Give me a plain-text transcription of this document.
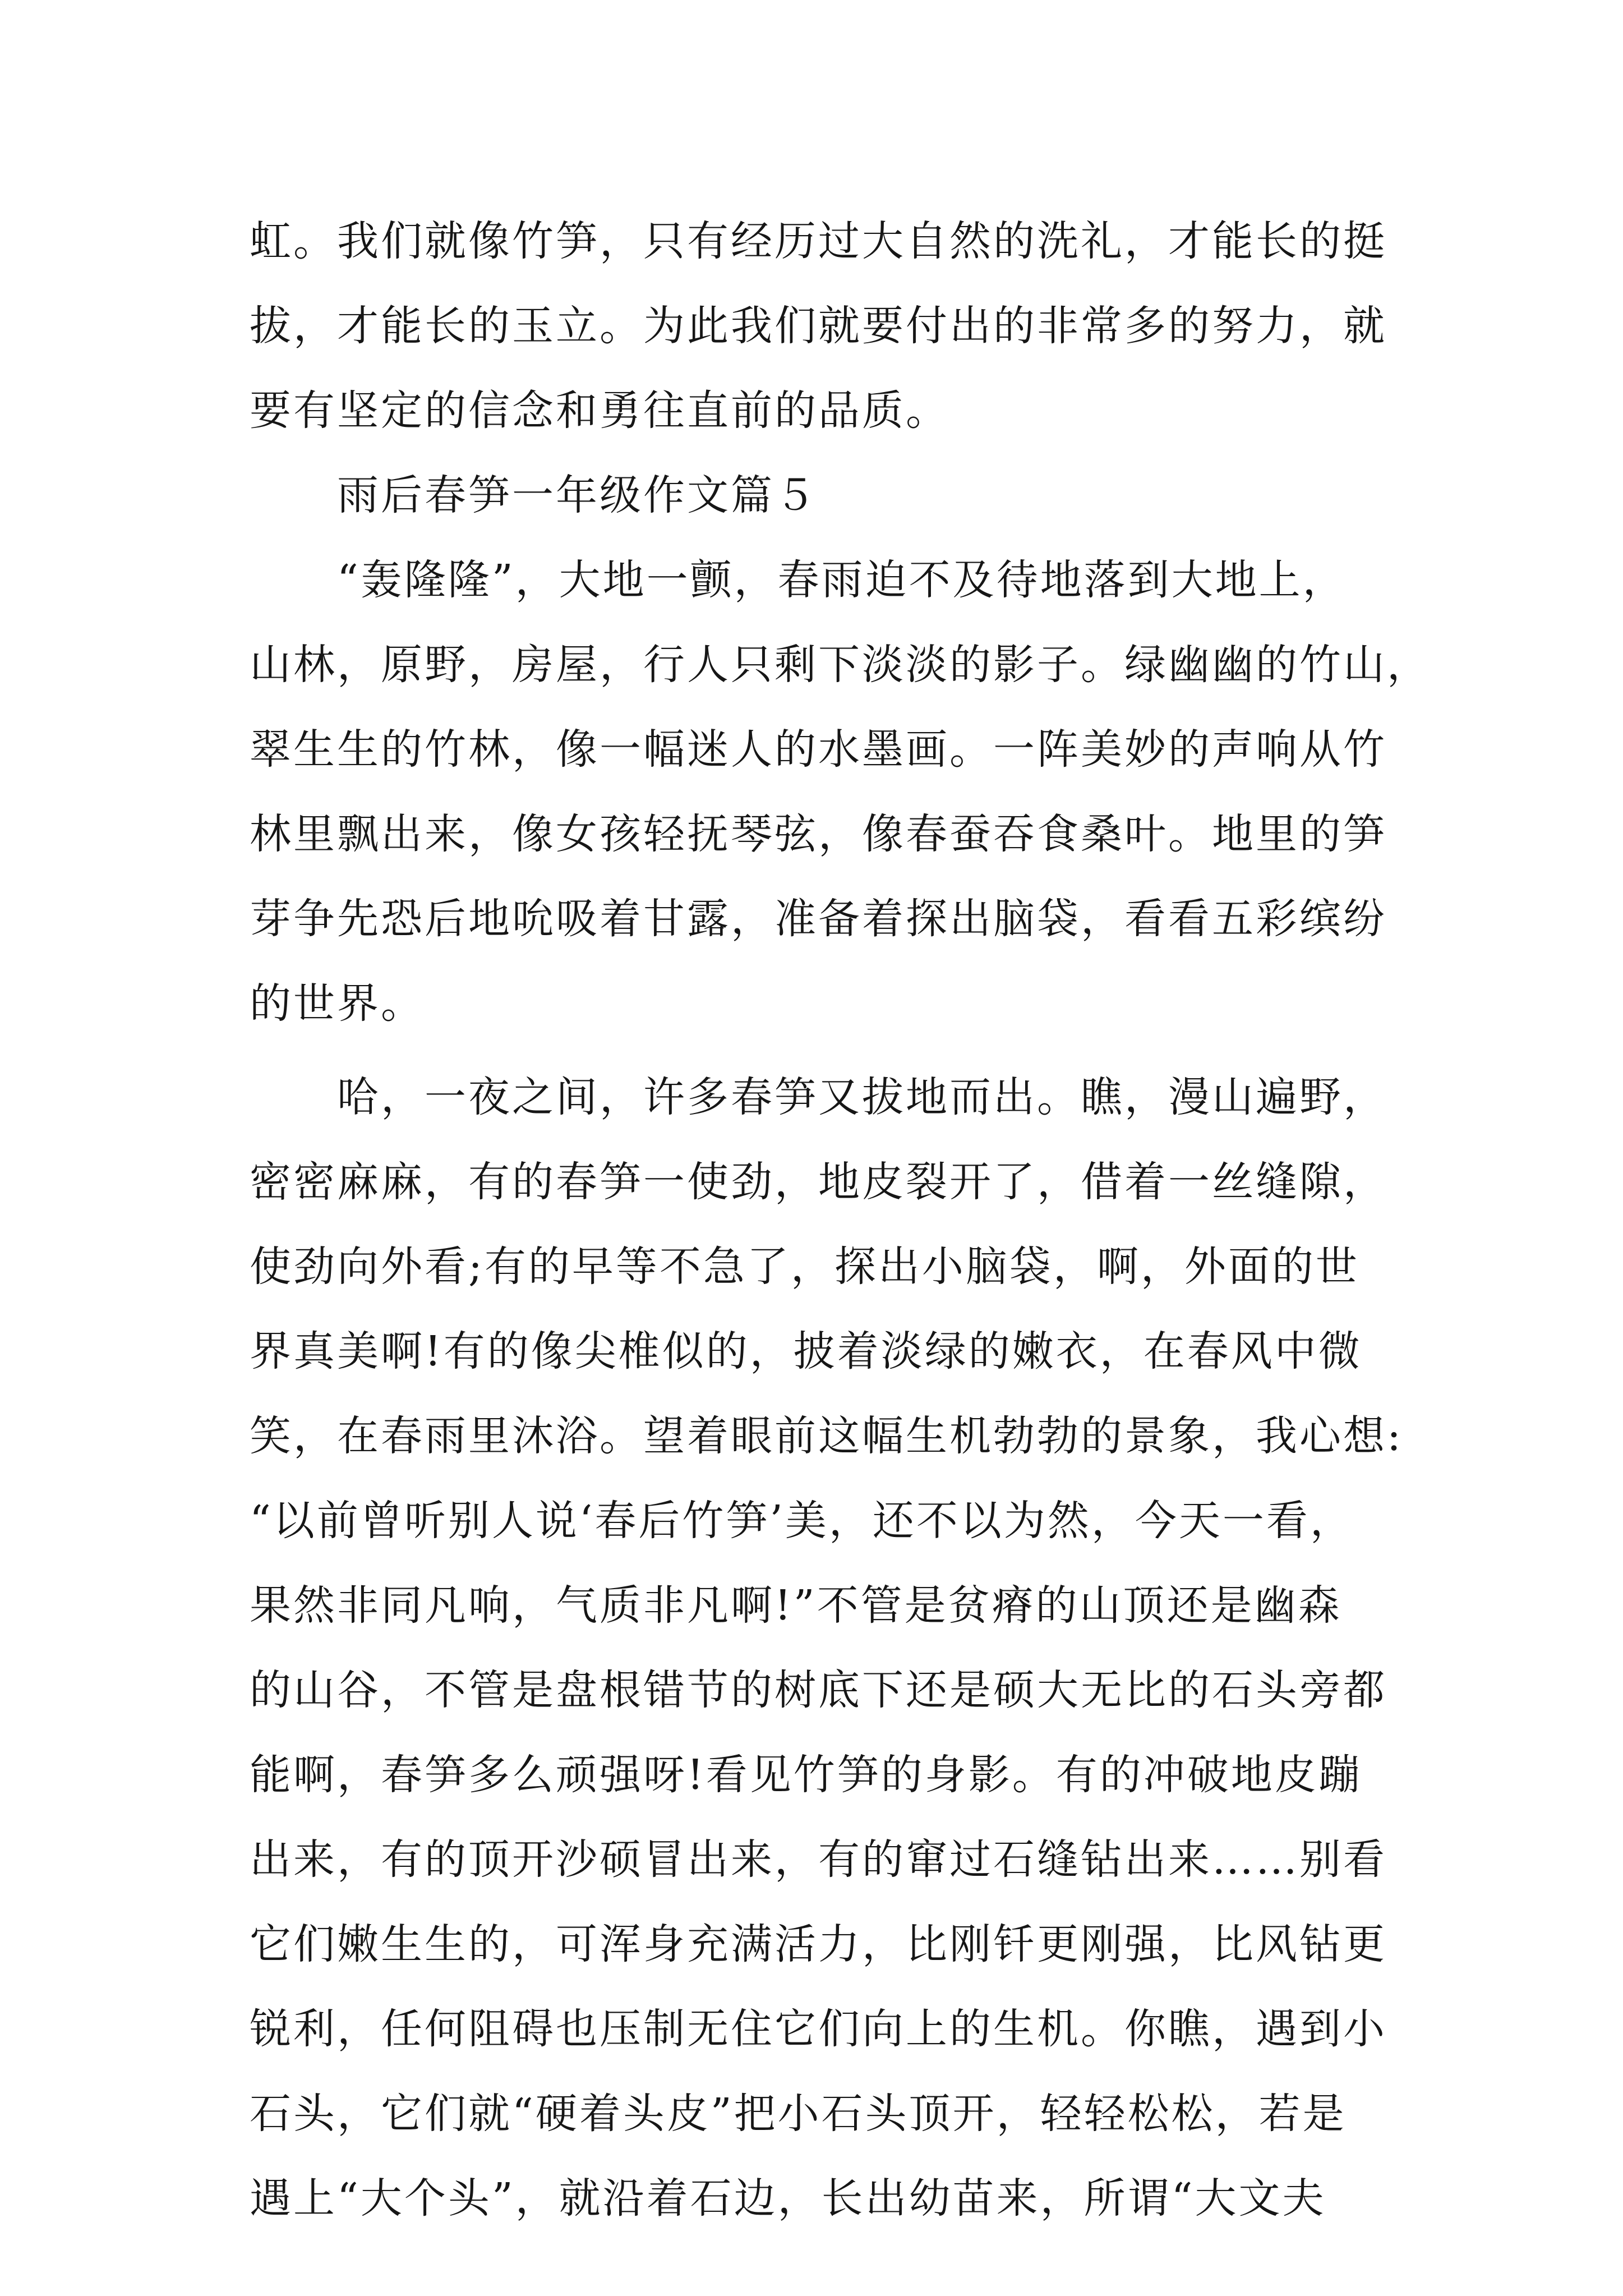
虹。我们就像竹笋，只有经历过大自然的洗礼，才能长的挺
拔，才能长的玉立。为此我们就要付出的非常多的努力，就
要有坚定的信念和勇往直前的品质。
　　雨后春笋一年级作文篇５
　　“轰隆隆”，大地一颤，春雨迫不及待地落到大地上，
山林，原野，房屋，行人只剩下淡淡的影子。绿幽幽的竹山，
翠生生的竹林，像一幅迷人的水墨画。一阵美妙的声响从竹
林里飘出来，像女孩轻抚琴弦，像春蚕吞食桑叶。地里的笋
芽争先恐后地吮吸着甘露，准备着探出脑袋，看看五彩缤纷
的世界。
　　哈，一夜之间，许多春笋又拔地而出。瞧，漫山遍野，
密密麻麻，有的春笋一使劲，地皮裂开了，借着一丝缝隙，
使劲向外看;有的早等不急了，探出小脑袋，啊，外面的世
界真美啊!有的像尖椎似的，披着淡绿的嫩衣，在春风中微
笑，在春雨里沐浴。望着眼前这幅生机勃勃的景象，我心想:
“以前曾听别人说‘春后竹笋’美，还不以为然，今天一看，
果然非同凡响，气质非凡啊!”不管是贫瘠的山顶还是幽森
的山谷，不管是盘根错节的树底下还是硕大无比的石头旁都
能啊，春笋多么顽强呀!看见竹笋的身影。有的冲破地皮蹦
出来，有的顶开沙硕冒出来，有的窜过石缝钻出来……别看
它们嫩生生的，可浑身充满活力，比刚钎更刚强，比风钻更
锐利，任何阻碍也压制无住它们向上的生机。你瞧，遇到小
石头，它们就“硬着头皮”把小石头顶开，轻轻松松，若是
遇上“大个头”，就沿着石边，长出幼苗来，所谓“大文夫
